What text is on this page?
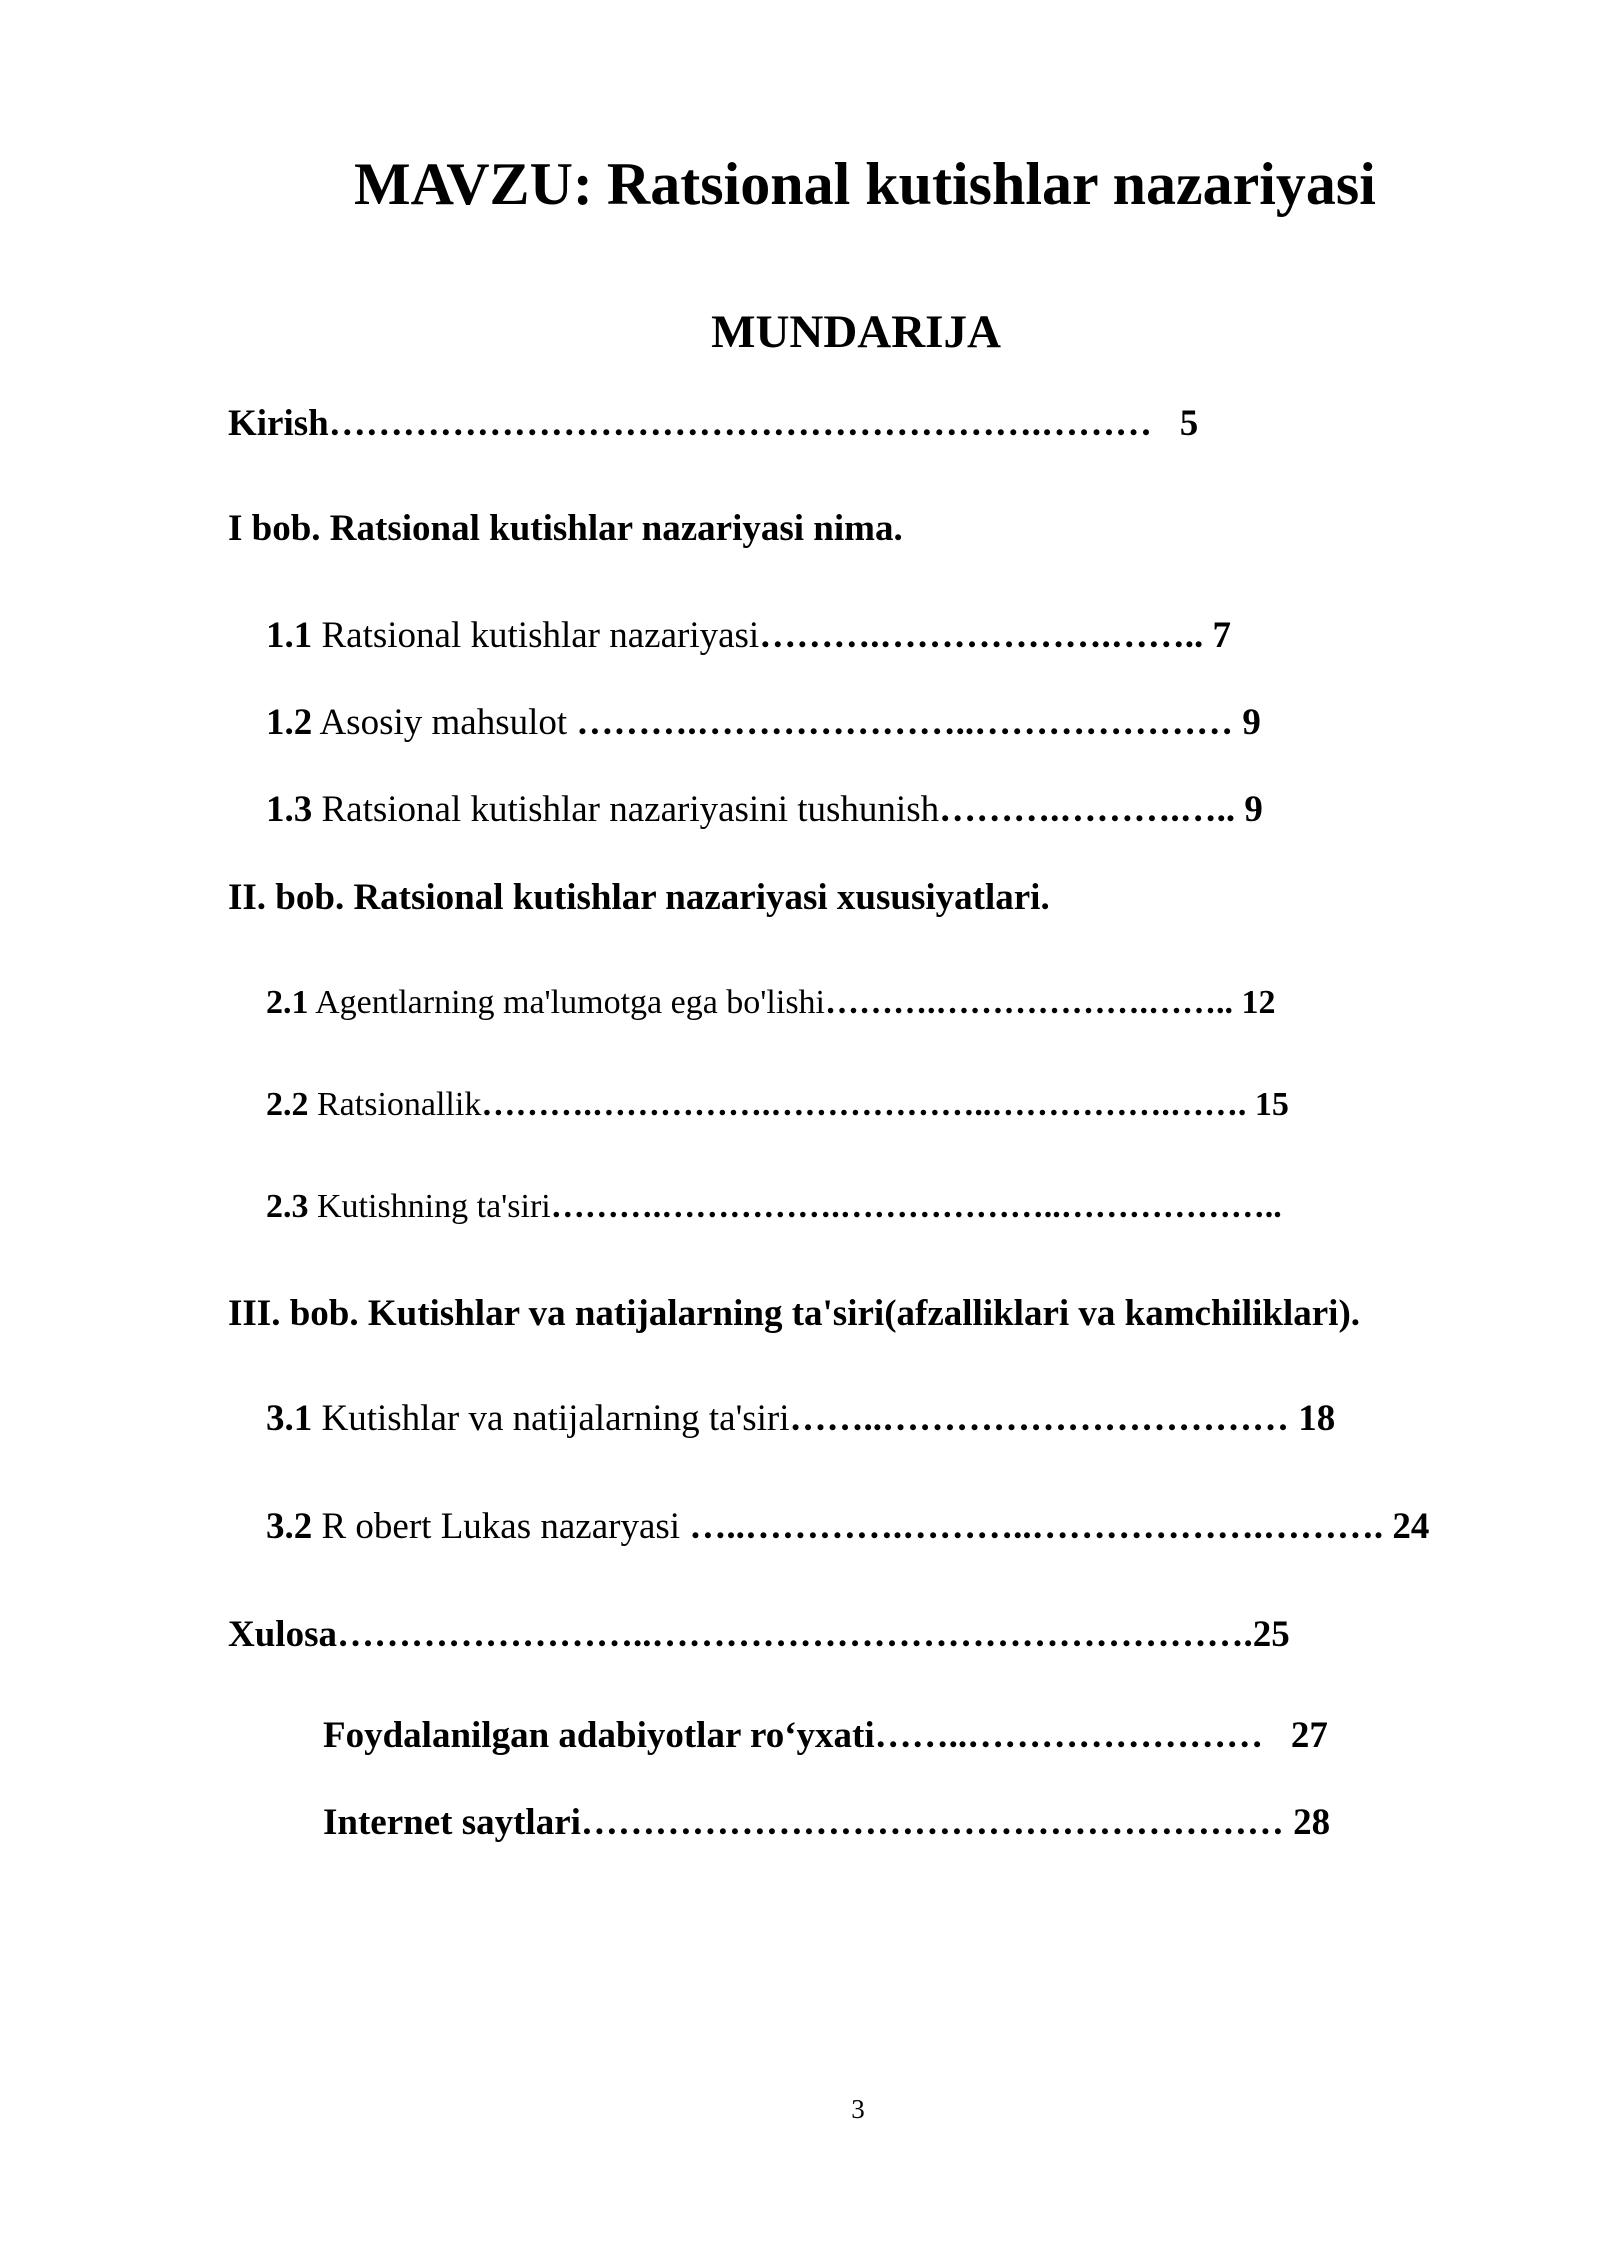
MAVZU: Ratsional kutishlar nazariyasi
MUNDARIJA
Kirish………………………………………………….………   5
I bob. Ratsional kutishlar nazariyasi nima.
1.1 Ratsional kutishlar nazariyasi……….……………….…….. 7
1.2 Asosiy mahsulot ……….…………………..………………… 9
1.3 Ratsional kutishlar nazariyasini tushunish……….……….….. 9
II. bob. Ratsional kutishlar nazariyasi xususiyatlari.
2.1 Agentlarning ma'lumotga ega bo'lishi……….……………….…….. 12
2.2 Ratsionallik……….…………….………………..…………….……. 15
2.3 Kutishning ta'siri……….…………….………………..………………..
III. bob. Kutishlar va natijalarning ta'siri(afzalliklari va kamchiliklari).
3.1 Kutishlar va natijalarning ta'siri……..…………………………… 18
3.2 R obert Lukas nazaryasi …..………….………..……………….………. 24
Xulosa……………………..………………………………………….25
Foydalanilgan adabiyotlar ro‘yxati……..……………………   27
Internet saytlari………………………………………………… 28
3
